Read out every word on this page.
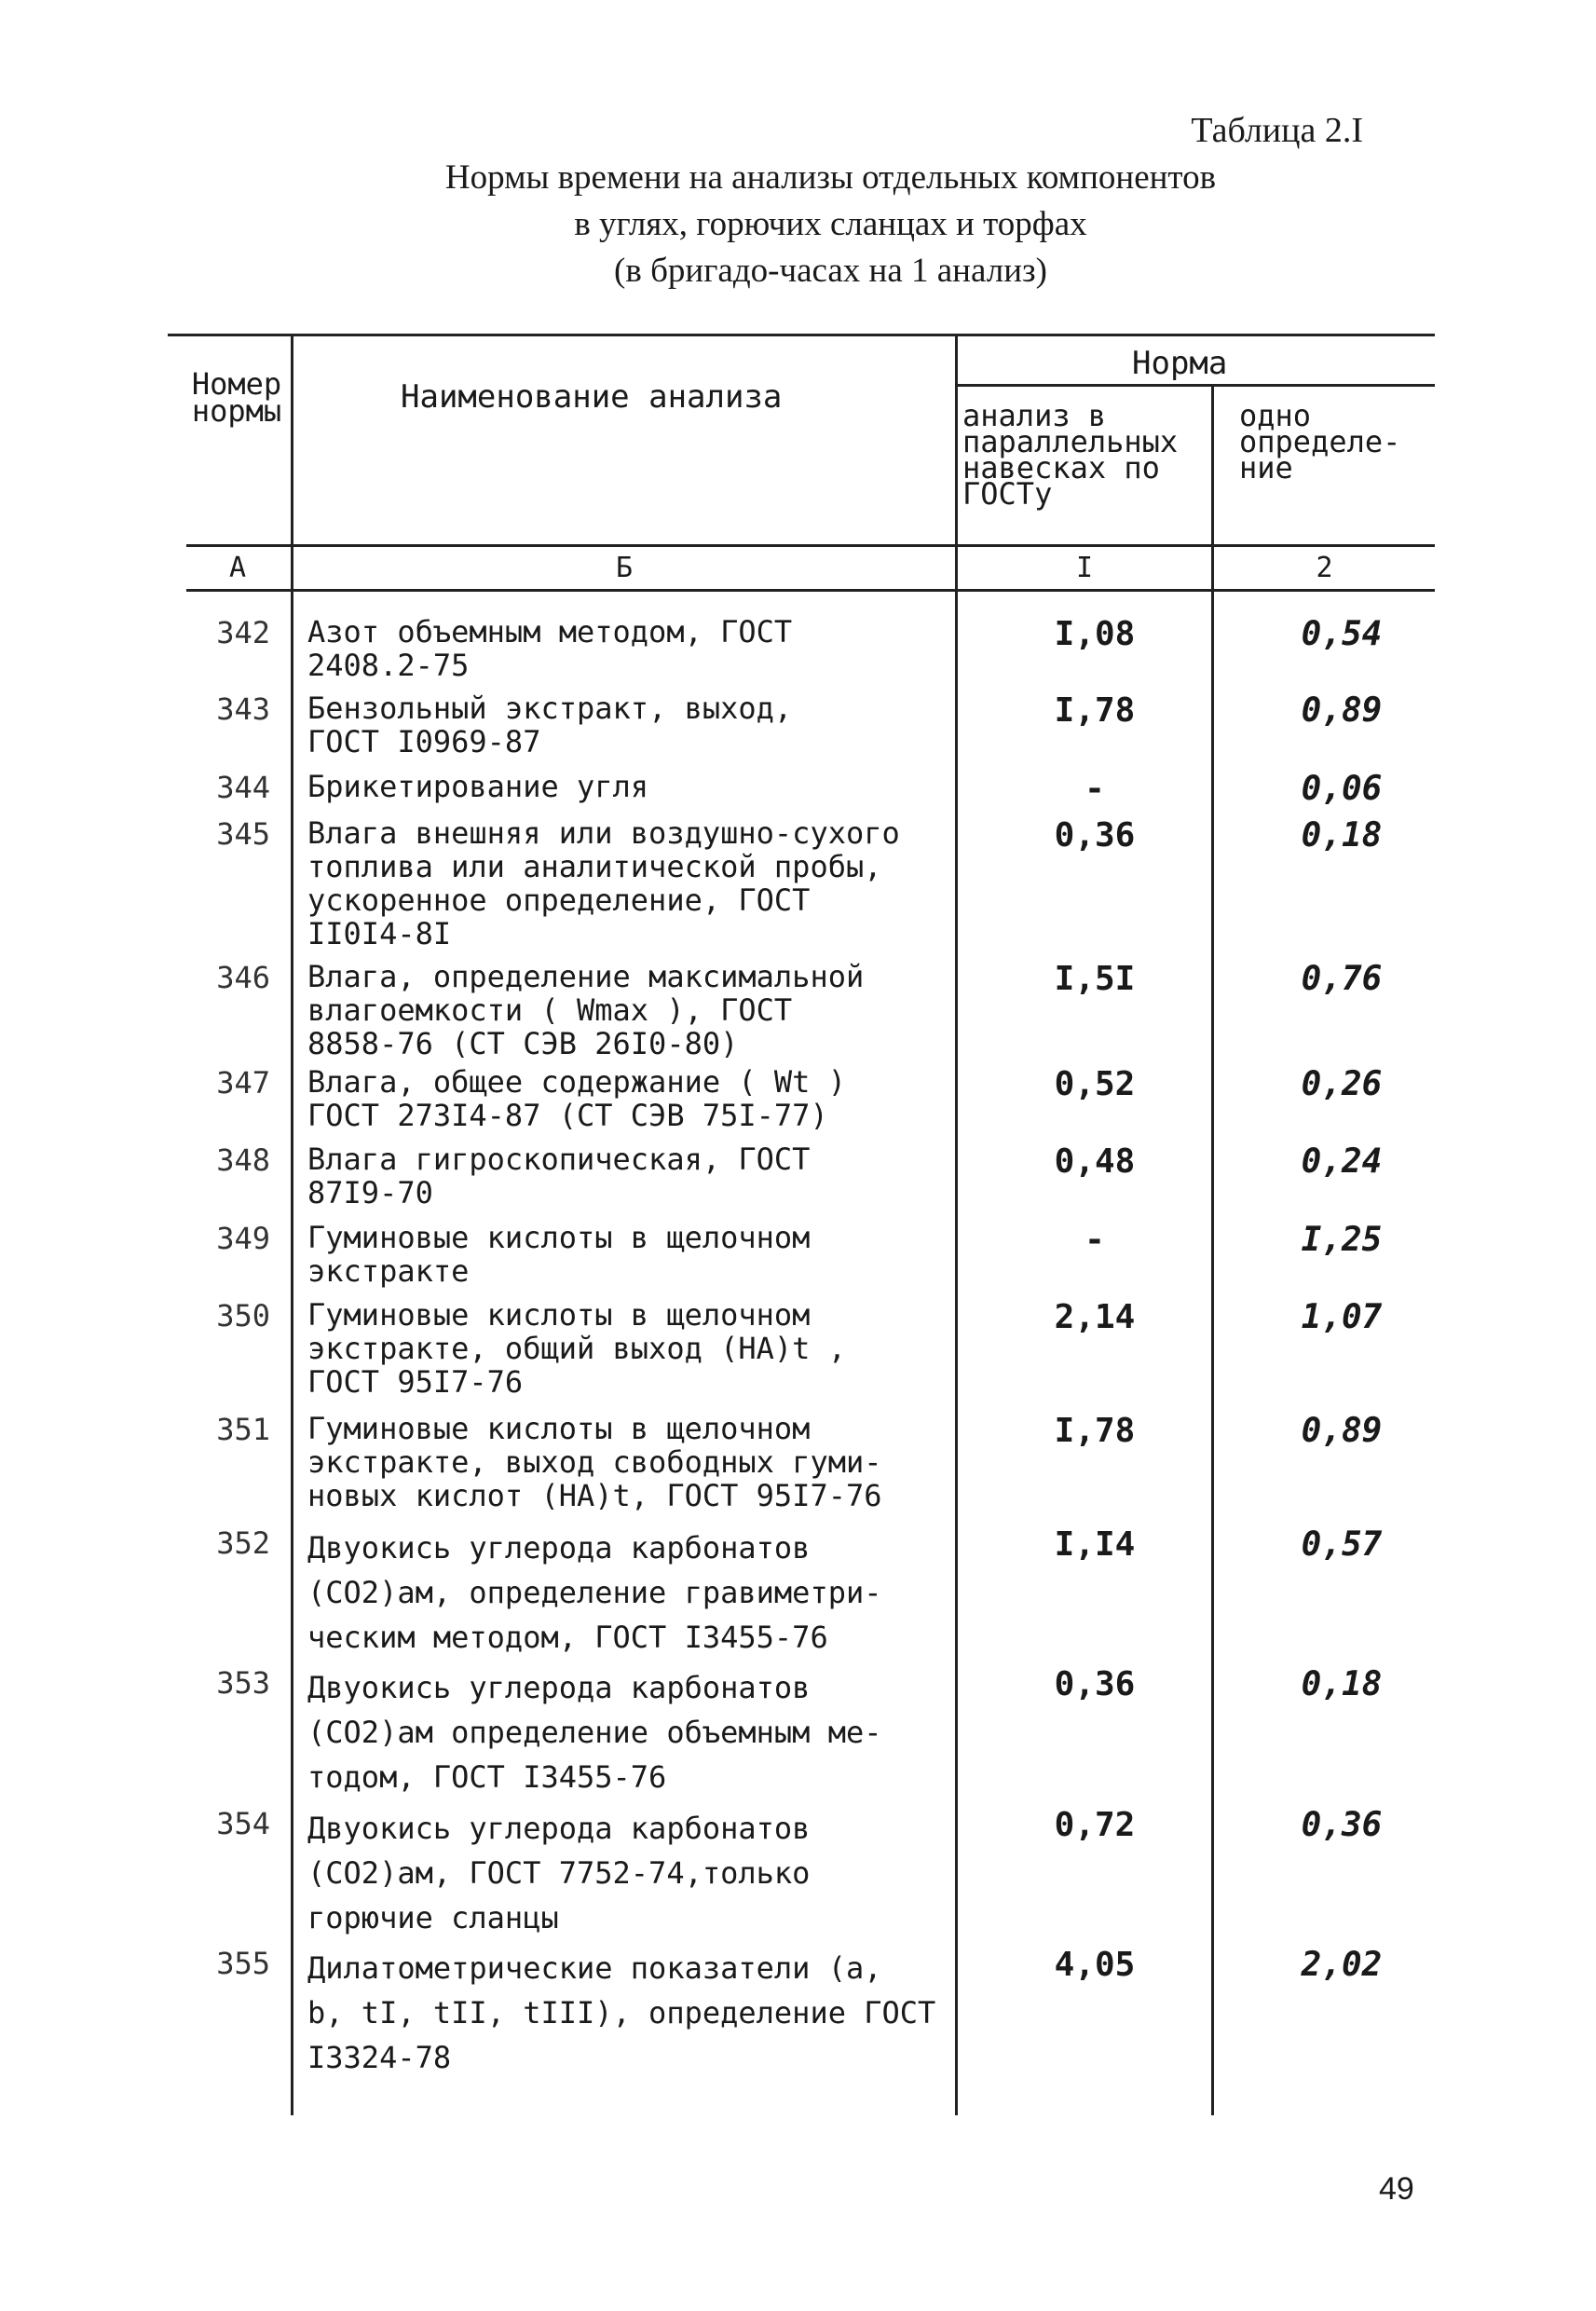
Таблица 2.I
Нормы времени на анализы отдельных компонентов
в углях, горючих сланцах и торфах
(в бригадо-часах на 1 анализ)
Номер
нормы	Наименование анализа
Норма
анализ в
параллельных
навесках по
ГОСТу
одно
определе-
ние
А	Б	I	2
342 Азот объемным методом, ГОСТ
2408.2-75
I,08	0,54
343 Бензольный экстракт, выход,
ГОСТ I0969-87
I,78	0,89
344 Брикетирование угля	-	0,06
345 Влага внешняя или воздушно-сухого
топлива или аналитической пробы,
ускоренное определение, ГОСТ
II0I4-8I
0,36	0,18
346 Влага, определение максимальной
влагоемкости ( Wmax ), ГОСТ
8858-76 (СТ СЭВ 26I0-80)
I,5I	0,76
347 Влага, общее содержание ( Wt )
ГОСТ 273I4-87 (СТ СЭВ 75I-77)
0,52	0,26
348 Влага гигроскопическая, ГОСТ
87I9-70
0,48	0,24
349 Гуминовые кислоты в щелочном
экстракте
-	I,25
350 Гуминовые кислоты в щелочном
экстракте, общий выход (HA)t ,
ГОСТ 95I7-76
2,14	1,07
351 Гуминовые кислоты в щелочном
экстракте, выход свободных гуми-
новых кислот (HA)t, ГОСТ 95I7-76
I,78	0,89
352 Двуокись углерода карбонатов
(CO2)aм, определение гравиметри-
ческим методом, ГОСТ I3455-76
I,I4	0,57
353 Двуокись углерода карбонатов
(CO2)aм определение объемным ме-
тодом, ГОСТ I3455-76
0,36	0,18
354 Двуокись углерода карбонатов
(CO2)aм, ГОСТ 7752-74,только
горючие сланцы
0,72	0,36
355 Дилатометрические показатели (a,
b, tI, tII, tIII), определение ГОСТ
I3324-78
4,05	2,02
49
